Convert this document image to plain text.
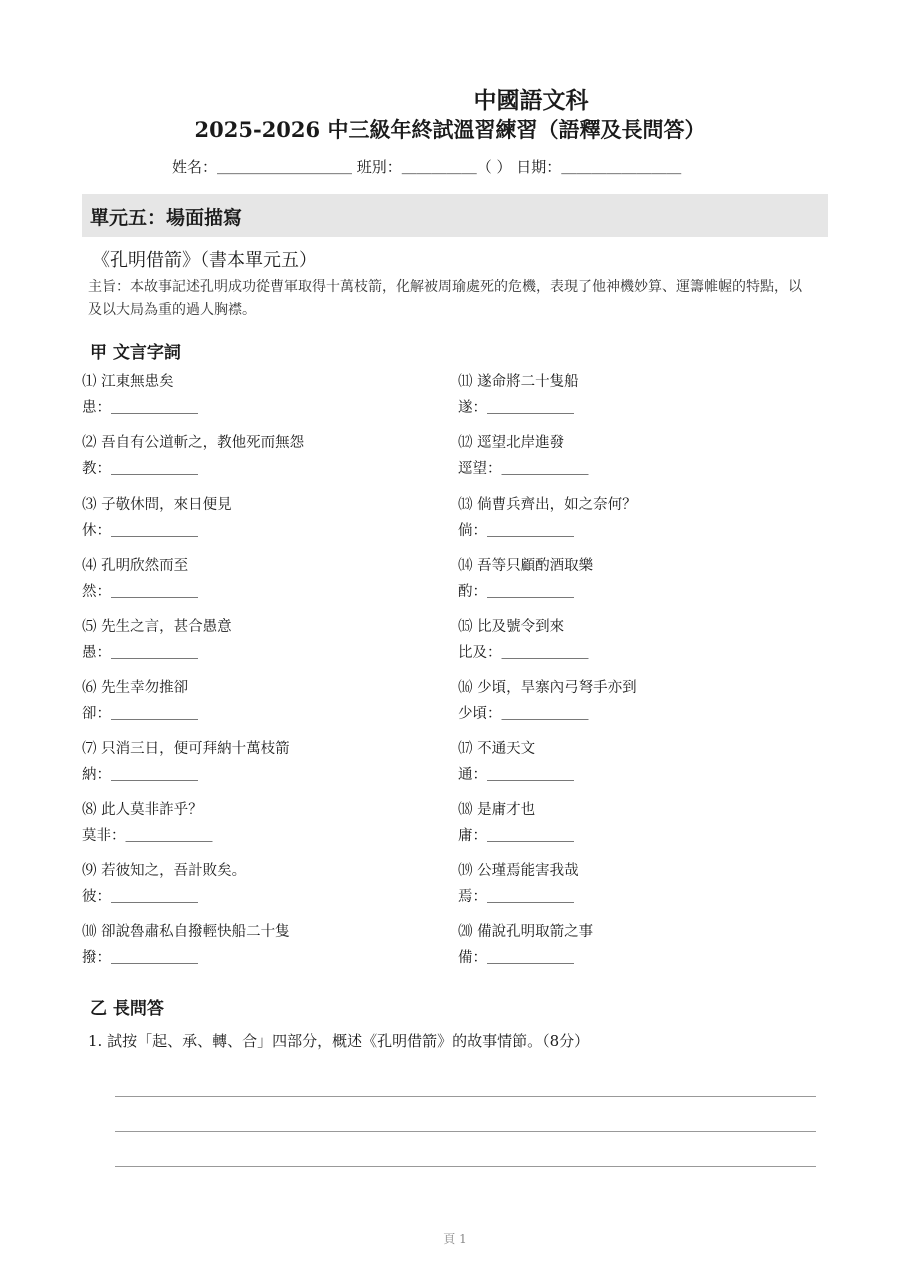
中國語文科
2025-2026 中三級年終試溫習練習（語釋及長問答）
姓名：＿＿＿＿＿＿＿＿＿ 班別：＿＿＿＿＿（ ） 日期：＿＿＿＿＿＿＿＿
單元五：場面描寫
《孔明借箭》（書本單元五）
主旨：本故事記述孔明成功從曹軍取得十萬枝箭，化解被周瑜處死的危機，表現了他神機妙算、運籌帷幄的特點，以及以大局為重的過人胸襟。
甲 文言字詞
⑴ 江東無患矣
患：＿＿＿＿＿＿
⑵ 吾自有公道斬之，教他死而無怨
教：＿＿＿＿＿＿
⑶ 子敬休問，來日便見
休：＿＿＿＿＿＿
⑷ 孔明欣然而至
然：＿＿＿＿＿＿
⑸ 先生之言，甚合愚意
愚：＿＿＿＿＿＿
⑹ 先生幸勿推卻
卻：＿＿＿＿＿＿
⑺ 只消三日，便可拜納十萬枝箭
納：＿＿＿＿＿＿
⑻ 此人莫非詐乎？
莫非：＿＿＿＿＿＿
⑼ 若彼知之，吾計敗矣。
彼：＿＿＿＿＿＿
⑽ 卻說魯肅私自撥輕快船二十隻
撥：＿＿＿＿＿＿
⑾ 遂命將二十隻船
遂：＿＿＿＿＿＿
⑿ 逕望北岸進發
逕望：＿＿＿＿＿＿
⒀ 倘曹兵齊出，如之奈何？
倘：＿＿＿＿＿＿
⒁ 吾等只顧酌酒取樂
酌：＿＿＿＿＿＿
⒂ 比及號令到來
比及：＿＿＿＿＿＿
⒃ 少頃，旱寨內弓弩手亦到
少頃：＿＿＿＿＿＿
⒄ 不通天文
通：＿＿＿＿＿＿
⒅ 是庸才也
庸：＿＿＿＿＿＿
⒆ 公瑾焉能害我哉
焉：＿＿＿＿＿＿
⒇ 備說孔明取箭之事
備：＿＿＿＿＿＿
乙 長問答
1. 試按「起、承、轉、合」四部分，概述《孔明借箭》的故事情節。（8分）
頁 1
